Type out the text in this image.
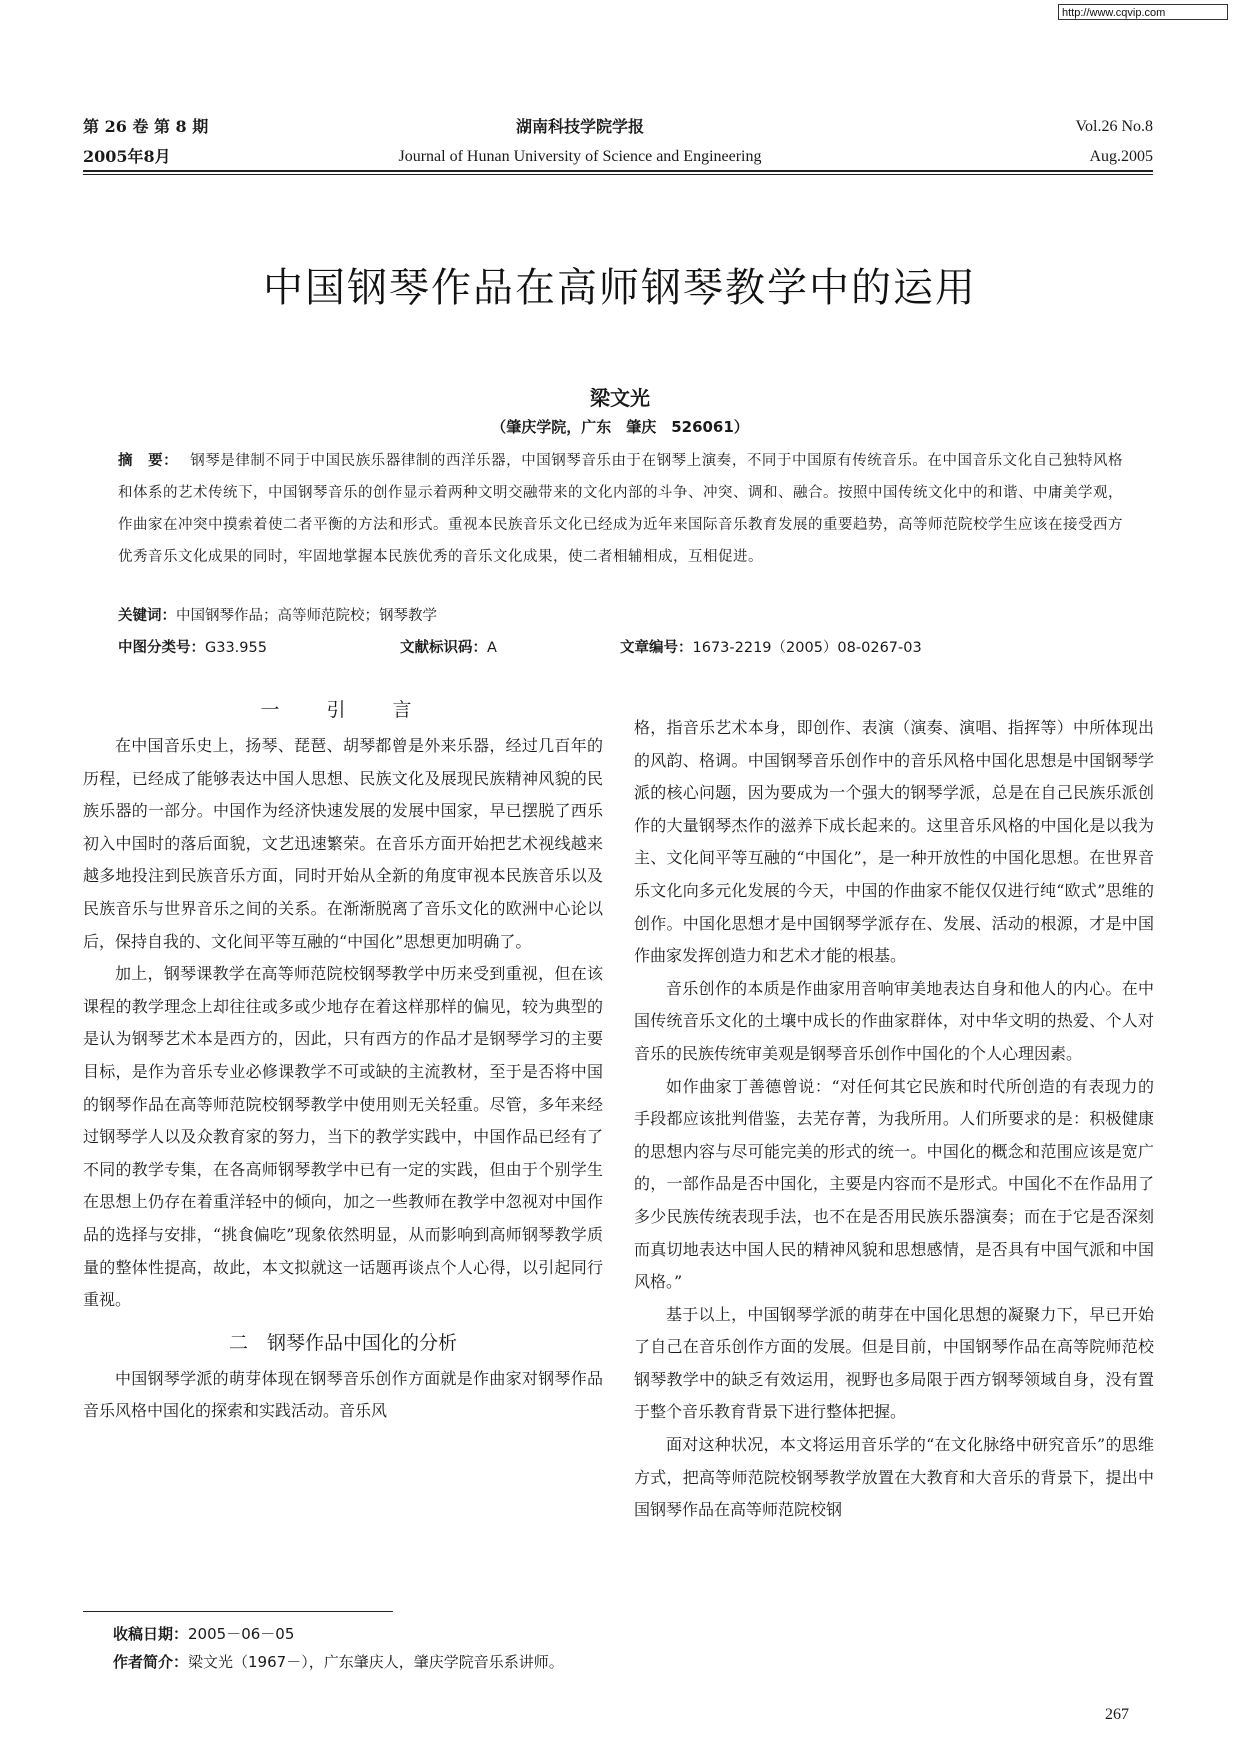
http://www.cqvip.com
第 26 卷 第 8 期
2005年8月
湖南科技学院学报
Journal of Hunan University of Science and Engineering
Vol.26 No.8
Aug.2005
中国钢琴作品在高师钢琴教学中的运用
梁文光
（肇庆学院，广东　肇庆　526061）
摘　要： 钢琴是律制不同于中国民族乐器律制的西洋乐器，中国钢琴音乐由于在钢琴上演奏，不同于中国原有传统音乐。在中国音乐文化自己独特风格和体系的艺术传统下，中国钢琴音乐的创作显示着两种文明交融带来的文化内部的斗争、冲突、调和、融合。按照中国传统文化中的和谐、中庸美学观，作曲家在冲突中摸索着使二者平衡的方法和形式。重视本民族音乐文化已经成为近年来国际音乐教育发展的重要趋势，高等师范院校学生应该在接受西方优秀音乐文化成果的同时，牢固地掌握本民族优秀的音乐文化成果，使二者相辅相成，互相促进。
关键词：中国钢琴作品；高等师范院校；钢琴教学
中图分类号：G33.955	文献标识码：A	文章编号：1673-2219（2005）08-0267-03
一　引　言

在中国音乐史上，扬琴、琵琶、胡琴都曾是外来乐器，经过几百年的历程，已经成了能够表达中国人思想、民族文化及展现民族精神风貌的民族乐器的一部分。中国作为经济快速发展的发展中国家，早已摆脱了西乐初入中国时的落后面貌，文艺迅速繁荣。在音乐方面开始把艺术视线越来越多地投注到民族音乐方面，同时开始从全新的角度审视本民族音乐以及民族音乐与世界音乐之间的关系。在渐渐脱离了音乐文化的欧洲中心论以后，保持自我的、文化间平等互融的“中国化”思想更加明确了。

加上，钢琴课教学在高等师范院校钢琴教学中历来受到重视，但在该课程的教学理念上却往往或多或少地存在着这样那样的偏见，较为典型的是认为钢琴艺术本是西方的，因此，只有西方的作品才是钢琴学习的主要目标，是作为音乐专业必修课教学不可或缺的主流教材，至于是否将中国的钢琴作品在高等师范院校钢琴教学中使用则无关轻重。尽管，多年来经过钢琴学人以及众教育家的努力，当下的教学实践中，中国作品已经有了不同的教学专集，在各高师钢琴教学中已有一定的实践，但由于个别学生在思想上仍存在着重洋轻中的倾向，加之一些教师在教学中忽视对中国作品的选择与安排，“挑食偏吃”现象依然明显，从而影响到高师钢琴教学质量的整体性提高，故此，本文拟就这一话题再谈点个人心得，以引起同行重视。

二　钢琴作品中国化的分析

中国钢琴学派的萌芽体现在钢琴音乐创作方面就是作曲家对钢琴作品音乐风格中国化的探索和实践活动。音乐风

格，指音乐艺术本身，即创作、表演（演奏、演唱、指挥等）中所体现出的风韵、格调。中国钢琴音乐创作中的音乐风格中国化思想是中国钢琴学派的核心问题，因为要成为一个强大的钢琴学派，总是在自己民族乐派创作的大量钢琴杰作的滋养下成长起来的。这里音乐风格的中国化是以我为主、文化间平等互融的“中国化”，是一种开放性的中国化思想。在世界音乐文化向多元化发展的今天，中国的作曲家不能仅仅进行纯“欧式”思维的创作。中国化思想才是中国钢琴学派存在、发展、活动的根源，才是中国作曲家发挥创造力和艺术才能的根基。

音乐创作的本质是作曲家用音响审美地表达自身和他人的内心。在中国传统音乐文化的土壤中成长的作曲家群体，对中华文明的热爱、个人对音乐的民族传统审美观是钢琴音乐创作中国化的个人心理因素。

如作曲家丁善德曾说：“对任何其它民族和时代所创造的有表现力的手段都应该批判借鉴，去芜存菁，为我所用。人们所要求的是：积极健康的思想内容与尽可能完美的形式的统一。中国化的概念和范围应该是宽广的，一部作品是否中国化，主要是内容而不是形式。中国化不在作品用了多少民族传统表现手法，也不在是否用民族乐器演奏；而在于它是否深刻而真切地表达中国人民的精神风貌和思想感情，是否具有中国气派和中国风格。”

基于以上，中国钢琴学派的萌芽在中国化思想的凝聚力下，早已开始了自己在音乐创作方面的发展。但是目前，中国钢琴作品在高等院师范校钢琴教学中的缺乏有效运用，视野也多局限于西方钢琴领域自身，没有置于整个音乐教育背景下进行整体把握。

面对这种状况，本文将运用音乐学的“在文化脉络中研究音乐”的思维方式，把高等师范院校钢琴教学放置在大教育和大音乐的背景下，提出中国钢琴作品在高等师范院校钢

收稿日期：2005－06－05
作者简介：梁文光（1967－），广东肇庆人，肇庆学院音乐系讲师。
267
